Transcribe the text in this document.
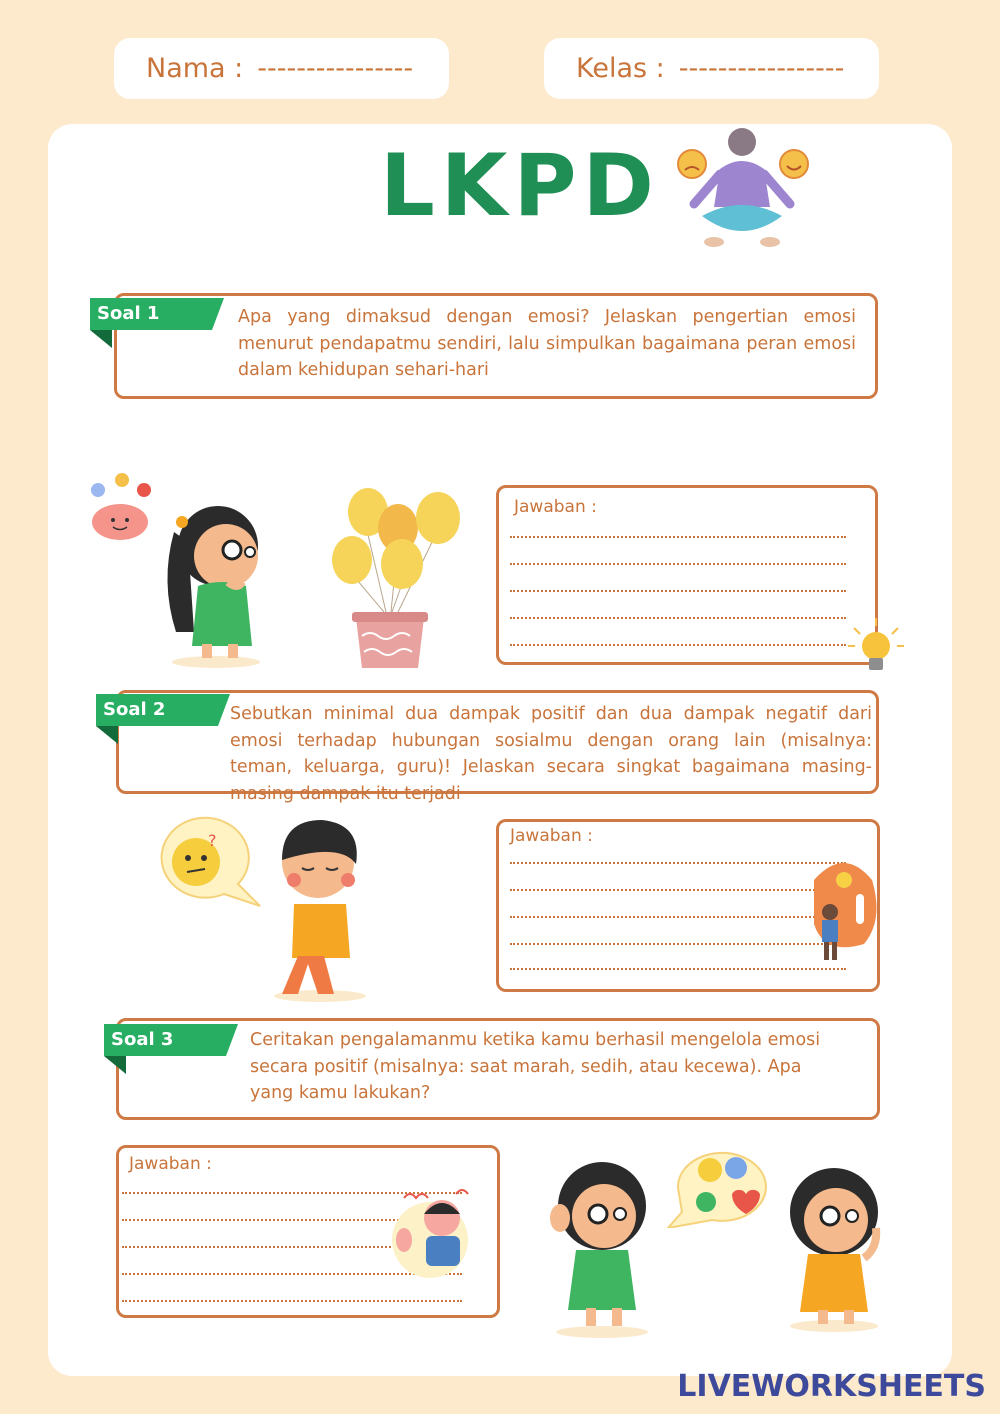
Nama : ----------------	Kelas : -----------------
LKPD
Soal 1	Apa yang dimaksud dengan emosi? Jelaskan pengertian emosi menurut pendapatmu sendiri, lalu simpulkan bagaimana peran emosi dalam kehidupan sehari-hari
Jawaban :
Soal 2	Sebutkan minimal dua dampak positif dan dua dampak negatif dari emosi terhadap hubungan sosialmu dengan orang lain (misalnya: teman, keluarga, guru)! Jelaskan secara singkat bagaimana masing-masing dampak itu terjadi
?	Jawaban :
Soal 3	Ceritakan pengalamanmu ketika kamu berhasil mengelola emosi secara positif (misalnya: saat marah, sedih, atau kecewa). Apa yang kamu lakukan?
Jawaban :
LIVEWORKSHEETS
